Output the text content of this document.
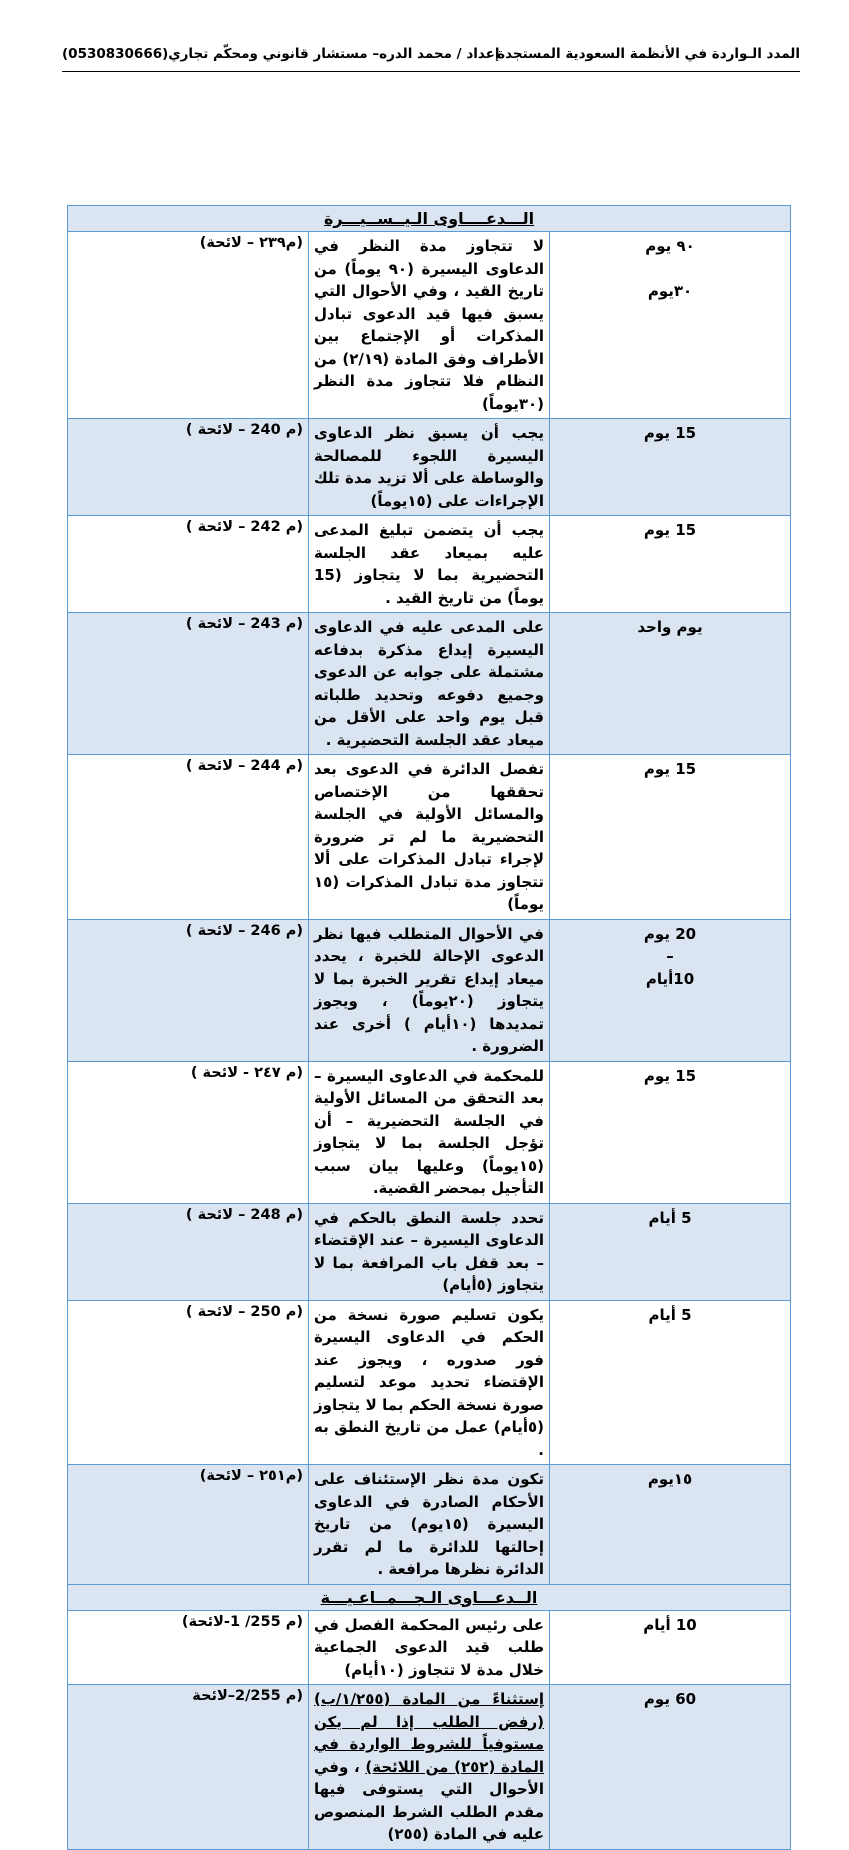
المدد الـواردة في الأنظمة السعودية المستجدة
إعداد / محمد الدره– مستشار قانوني ومحكّم تجاري(0530830666)
الـــدعــــاوى الـيــســيـــرة		

٩٠ يوم

٣٠يوم	لا تتجاوز مدة النظر في الدعاوى اليسيرة (٩٠ يوماً) من تاريخ القيد ، وفي الأحوال التي يسبق فيها قيد الدعوى تبادل المذكرات أو الإجتماع بين الأطراف وفق المادة (٢/١٩) من النظام فلا تتجاوز مدة النظر (٣٠يوماً)	(م٢٣٩ – لائحة)

15 يوم	يجب أن يسبق نظر الدعاوى اليسيرة اللجوء للمصالحة والوساطة على ألا تزيد مدة تلك الإجراءات على (١٥يوماً)	(م 240 – لائحة )

15 يوم	يجب أن يتضمن تبليغ المدعى عليه بميعاد عقد الجلسة التحضيرية بما لا يتجاوز (15 يوماً) من تاريخ القيد .	(م 242 – لائحة )

يوم واحد	على المدعى عليه في الدعاوى اليسيرة إيداع مذكرة بدفاعه مشتملة على جوابه عن الدعوى وجميع دفوعه وتحديد طلباته قبل يوم واحد على الأقل من ميعاد عقد الجلسة التحضيرية .	(م 243 – لائحة )

15 يوم	تفصل الدائرة في الدعوى بعد تحققها من الإختصاص والمسائل الأولية في الجلسة التحضيرية ما لم تر ضرورة لإجراء تبادل المذكرات على ألا تتجاوز مدة تبادل المذكرات (١٥ يوماً)	(م 244 – لائحة )

20 يوم
–
10أيام	في الأحوال المتطلب فيها نظر الدعوى الإحالة للخبرة ، يحدد ميعاد إيداع تقرير الخبرة بما لا يتجاوز (٢٠يوماً) ، ويجوز تمديدها (١٠أيام ) أخرى عند الضرورة .	(م 246 – لائحة )

15 يوم	للمحكمة في الدعاوى اليسيرة – بعد التحقق من المسائل الأولية في الجلسة التحضيرية – أن تؤجل الجلسة بما لا يتجاوز (١٥يوماً) وعليها بيان سبب التأجيل بمحضر القضية.	(م ٢٤٧ - لائحة )

5 أيام	تحدد جلسة النطق بالحكم في الدعاوى اليسيرة – عند الإقتضاء – بعد قفل باب المرافعة بما لا يتجاوز (٥أيام)	(م 248 – لائحة )

5 أيام	يكون تسليم صورة نسخة من الحكم في الدعاوى اليسيرة فور صدوره ، ويجوز عند الإقتضاء تحديد موعد لتسليم صورة نسخة الحكم بما لا يتجاوز (٥أيام) عمل من تاريخ النطق به .	(م 250 – لائحة )

١٥يوم	تكون مدة نظر الإستئناف على الأحكام الصادرة في الدعاوى اليسيرة (١٥يوم) من تاريخ إحالتها للدائرة ما لم تقرر الدائرة نظرها مرافعة .	(م٢٥١ – لائحة)
الــدعـــاوى الـجـــمــاعـيـــة		

10 أيام	على رئيس المحكمة الفصل في طلب قيد الدعوى الجماعية خلال مدة لا تتجاوز (١٠أيام)	(م 255/ 1-لائحة)

60 يوم	إستثناءً من المادة (١/٢٥٥/ب) (رفض الطلب إذا لم يكن مستوفياً للشروط الواردة في المادة (٢٥٢) من اللائحة) ، وفي الأحوال التي يستوفى فيها مقدم الطلب الشرط المنصوص عليه في المادة (٢٥٥)	(م 2/255–لائحة
